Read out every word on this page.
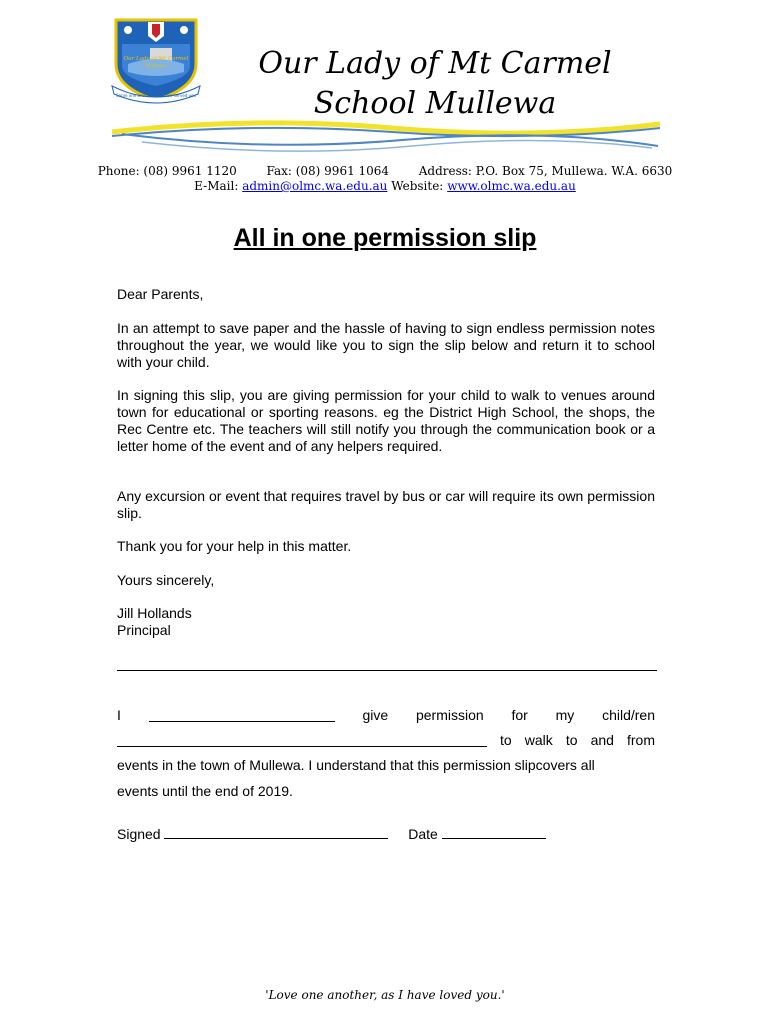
Our Lady of Mt Carmel
Mullewa
Serve one another as I have served you
Our Lady of Mt Carmel
School Mullewa
Phone: (08) 9961 1120 Fax: (08) 9961 1064 Address: P.O. Box 75, Mullewa. W.A. 6630
E-Mail: admin@olmc.wa.edu.au Website: www.olmc.wa.edu.au
All in one permission slip
Dear Parents,
In an attempt to save paper and the hassle of having to sign endless permission notes throughout the year, we would like you to sign the slip below and return it to school with your child.
In signing this slip, you are giving permission for your child to walk to venues around town for educational or sporting reasons. eg the District High School, the shops, the Rec Centre etc. The teachers will still notify you through the communication book or a letter home of the event and of any helpers required.
Any excursion or event that requires travel by bus or car will require its own permission slip.
Thank you for your help in this matter.
Yours sincerely,
Jill Hollands
Principal
I	give permission for my child/ren
to walk to and from
events in the town of Mullewa. I understand that this permission slipcovers all
events until the end of 2019.
Signed	Date
'Love one another, as I have loved you.'
